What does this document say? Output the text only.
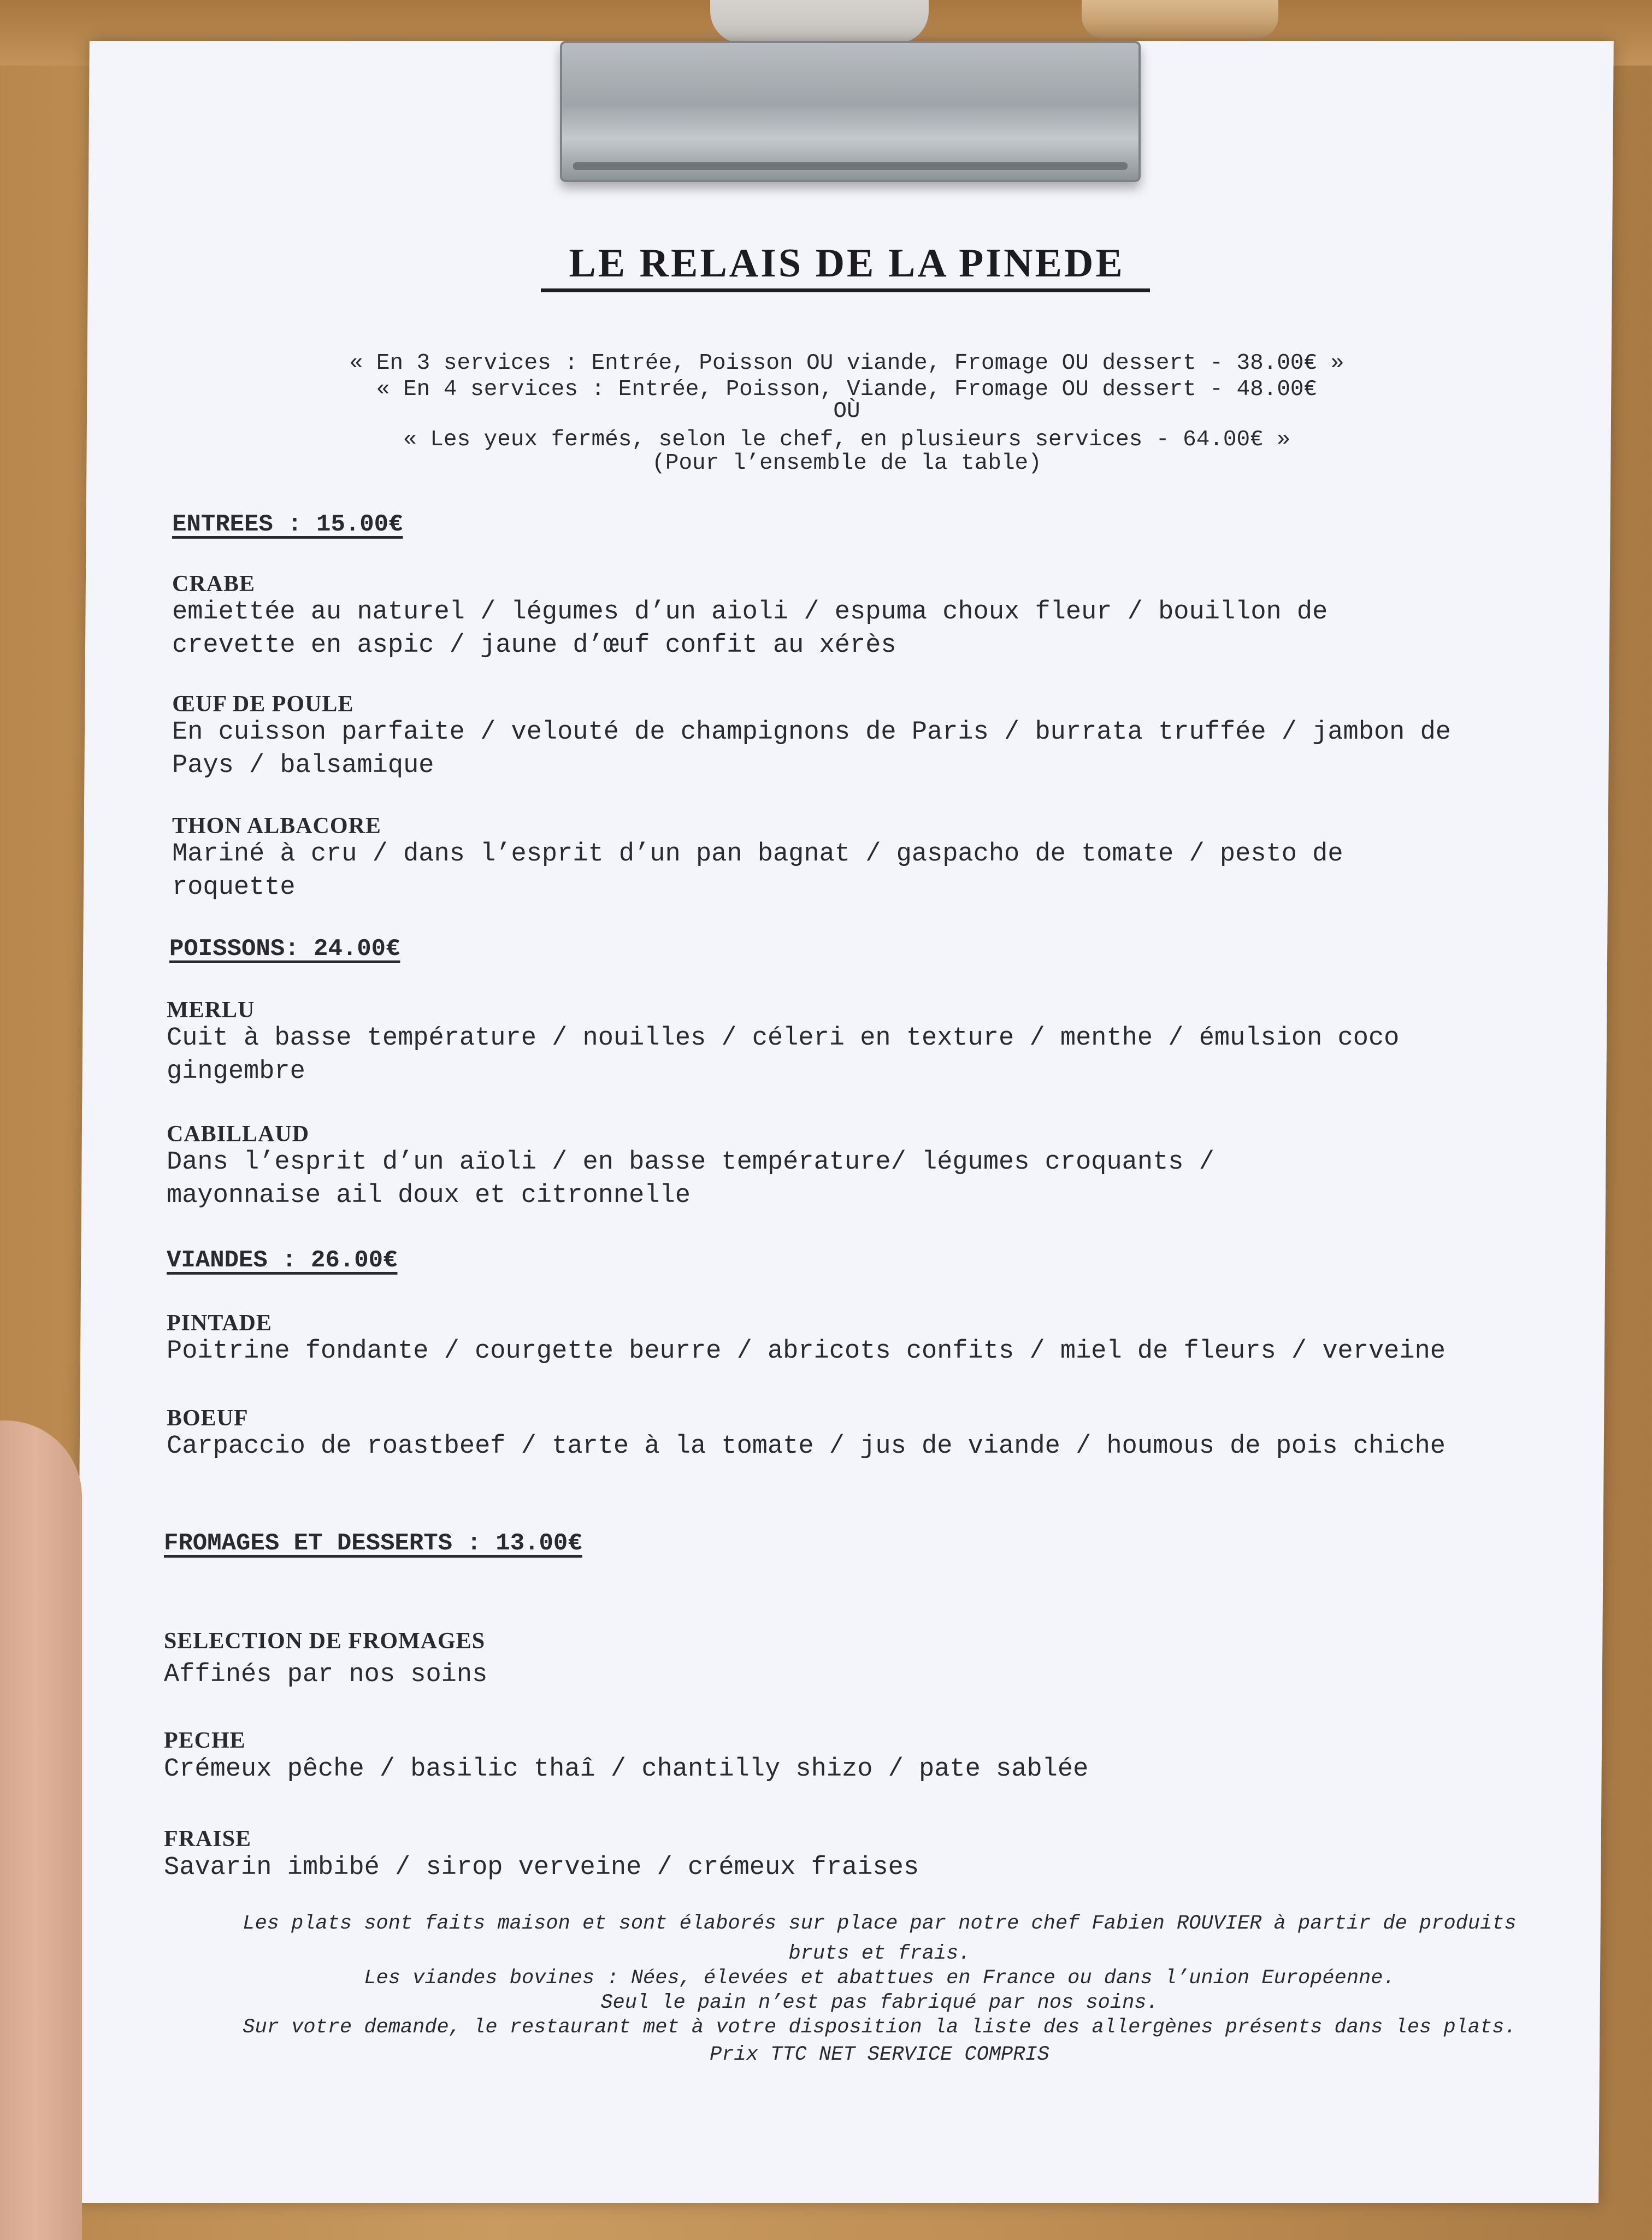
LE RELAIS DE LA PINEDE
« En 3 services : Entrée, Poisson OU viande, Fromage OU dessert - 38.00€ »
« En 4 services : Entrée, Poisson, Viande, Fromage OU dessert - 48.00€
OÙ
« Les yeux fermés, selon le chef, en plusieurs services - 64.00€ »
(Pour l’ensemble de la table)
ENTREES : 15.00€
CRABE
emiettée au naturel / légumes d’un aioli / espuma choux fleur / bouillon de
crevette en aspic / jaune d’œuf confit au xérès
ŒUF DE POULE
En cuisson parfaite / velouté de champignons de Paris / burrata truffée / jambon de
Pays / balsamique
THON ALBACORE
Mariné à cru / dans l’esprit d’un pan bagnat / gaspacho de tomate / pesto de
roquette
POISSONS: 24.00€
MERLU
Cuit à basse température / nouilles / céleri en texture / menthe / émulsion coco
gingembre
CABILLAUD
Dans l’esprit d’un aïoli / en basse température/ légumes croquants /
mayonnaise ail doux et citronnelle
VIANDES : 26.00€
PINTADE
Poitrine fondante / courgette beurre / abricots confits / miel de fleurs / verveine
BOEUF
Carpaccio de roastbeef / tarte à la tomate / jus de viande / houmous de pois chiche
FROMAGES ET DESSERTS : 13.00€
SELECTION DE FROMAGES
Affinés par nos soins
PECHE
Crémeux pêche / basilic thaî / chantilly shizo / pate sablée
FRAISE
Savarin imbibé / sirop verveine / crémeux fraises
Les plats sont faits maison et sont élaborés sur place par notre chef Fabien ROUVIER à partir de produits
bruts et frais.
Les viandes bovines : Nées, élevées et abattues en France ou dans l’union Européenne.
Seul le pain n’est pas fabriqué par nos soins.
Sur votre demande, le restaurant met à votre disposition la liste des allergènes présents dans les plats.
Prix TTC NET SERVICE COMPRIS
